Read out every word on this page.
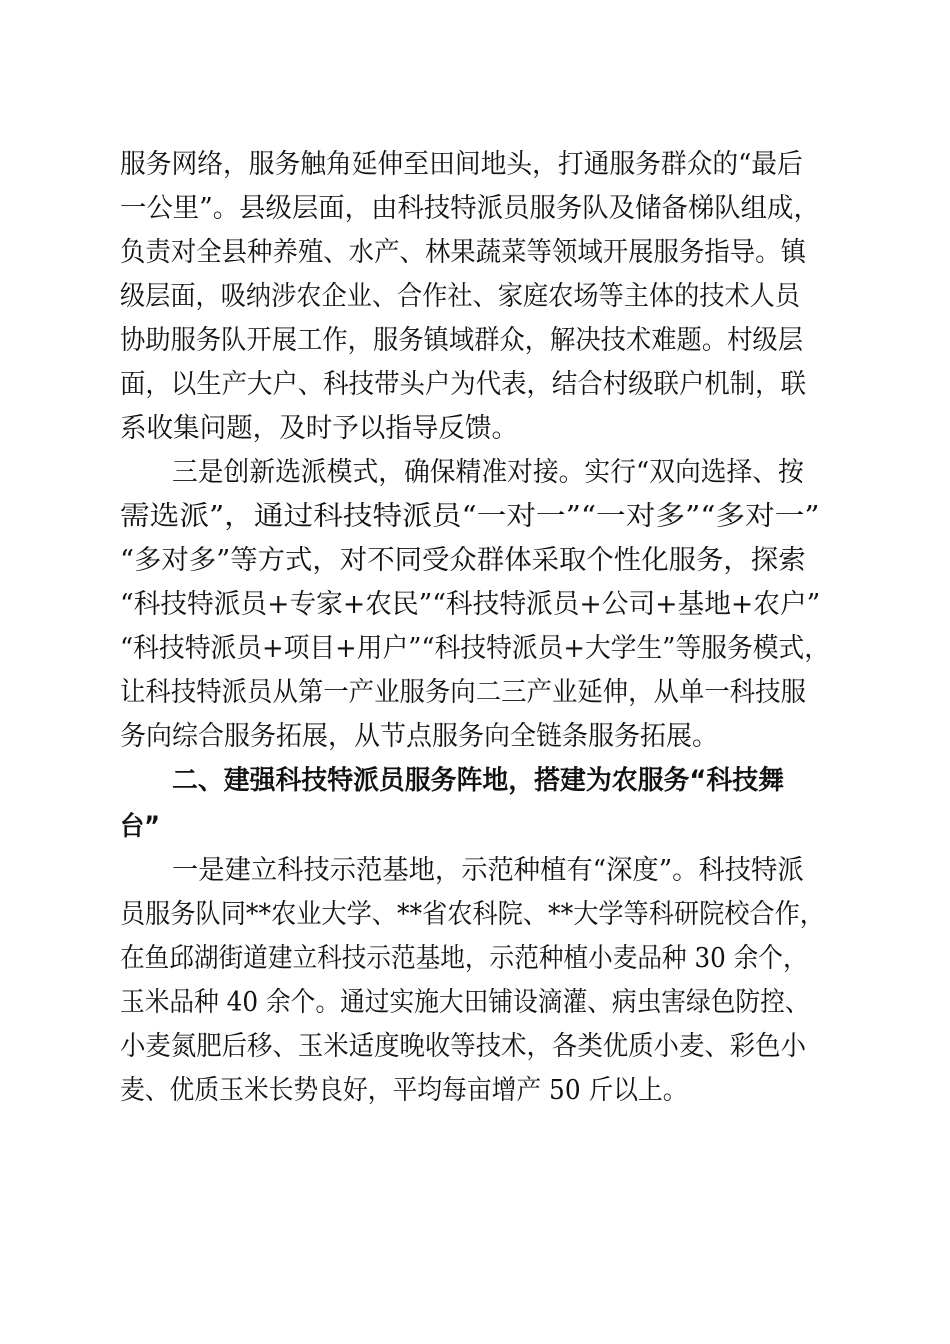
服务网络，服务触角延伸至田间地头，打通服务群众的“最后
一公里”。县级层面，由科技特派员服务队及储备梯队组成，
负责对全县种养殖、水产、林果蔬菜等领域开展服务指导。镇
级层面，吸纳涉农企业、合作社、家庭农场等主体的技术人员
协助服务队开展工作，服务镇域群众，解决技术难题。村级层
面，以生产大户、科技带头户为代表，结合村级联户机制，联
系收集问题，及时予以指导反馈。
三是创新选派模式，确保精准对接。实行“双向选择、按
需选派”，通过科技特派员“一对一”“一对多”“多对一”
“多对多”等方式，对不同受众群体采取个性化服务，探索
“科技特派员+专家+农民”“科技特派员+公司+基地+农户”
“科技特派员+项目+用户”“科技特派员+大学生”等服务模式，
让科技特派员从第一产业服务向二三产业延伸，从单一科技服
务向综合服务拓展，从节点服务向全链条服务拓展。
二、建强科技特派员服务阵地，搭建为农服务“科技舞
台”
一是建立科技示范基地，示范种植有“深度”。科技特派
员服务队同**农业大学、**省农科院、**大学等科研院校合作，
在鱼邱湖街道建立科技示范基地，示范种植小麦品种 30 余个，
玉米品种 40 余个。通过实施大田铺设滴灌、病虫害绿色防控、
小麦氮肥后移、玉米适度晚收等技术，各类优质小麦、彩色小
麦、优质玉米长势良好，平均每亩增产 50 斤以上。
